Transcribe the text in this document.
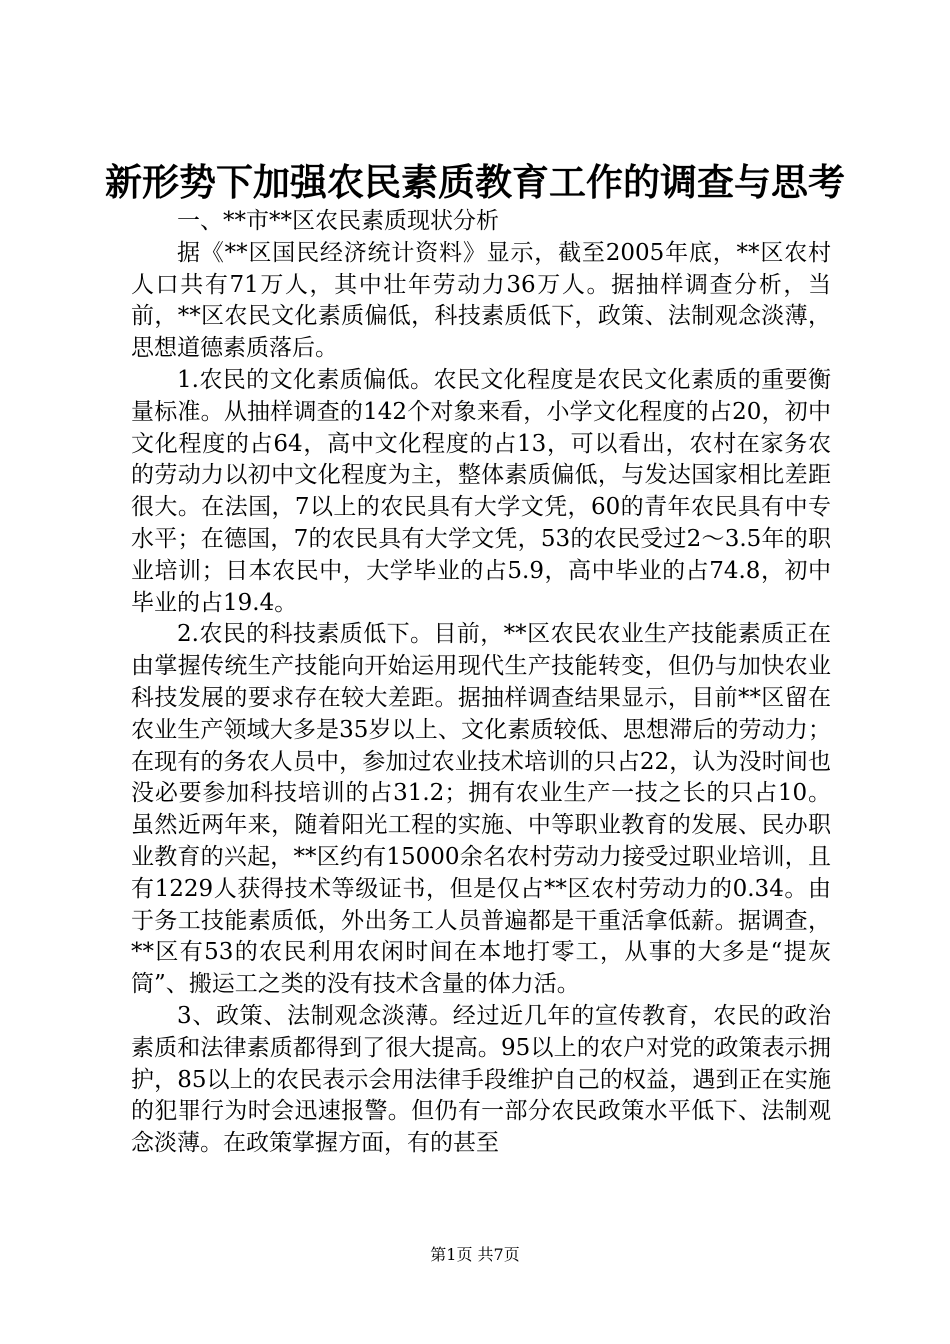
新形势下加强农民素质教育工作的调查与思考

一、**市**区农民素质现状分析

据《**区国民经济统计资料》显示，截至2005年底，**区农村人口共有71万人，其中壮年劳动力36万人。据抽样调查分析，当前，**区农民文化素质偏低，科技素质低下，政策、法制观念淡薄，思想道德素质落后。

1.农民的文化素质偏低。农民文化程度是农民文化素质的重要衡量标准。从抽样调查的142个对象来看，小学文化程度的占20，初中文化程度的占64，高中文化程度的占13，可以看出，农村在家务农的劳动力以初中文化程度为主，整体素质偏低，与发达国家相比差距很大。在法国，7以上的农民具有大学文凭，60的青年农民具有中专水平；在德国，7的农民具有大学文凭，53的农民受过2～3.5年的职业培训；日本农民中，大学毕业的占5.9，高中毕业的占74.8，初中毕业的占19.4。

2.农民的科技素质低下。目前，**区农民农业生产技能素质正在由掌握传统生产技能向开始运用现代生产技能转变，但仍与加快农业科技发展的要求存在较大差距。据抽样调查结果显示，目前**区留在农业生产领域大多是35岁以上、文化素质较低、思想滞后的劳动力；在现有的务农人员中，参加过农业技术培训的只占22，认为没时间也没必要参加科技培训的占31.2；拥有农业生产一技之长的只占10。虽然近两年来，随着阳光工程的实施、中等职业教育的发展、民办职业教育的兴起，**区约有15000余名农村劳动力接受过职业培训，且有1229人获得技术等级证书，但是仅占**区农村劳动力的0.34。由于务工技能素质低，外出务工人员普遍都是干重活拿低薪。据调查，**区有53的农民利用农闲时间在本地打零工，从事的大多是“提灰筒”、搬运工之类的没有技术含量的体力活。

3、政策、法制观念淡薄。经过近几年的宣传教育，农民的政治素质和法律素质都得到了很大提高。95以上的农户对党的政策表示拥护，85以上的农民表示会用法律手段维护自己的权益，遇到正在实施的犯罪行为时会迅速报警。但仍有一部分农民政策水平低下、法制观念淡薄。在政策掌握方面，有的甚至

第1页 共7页
